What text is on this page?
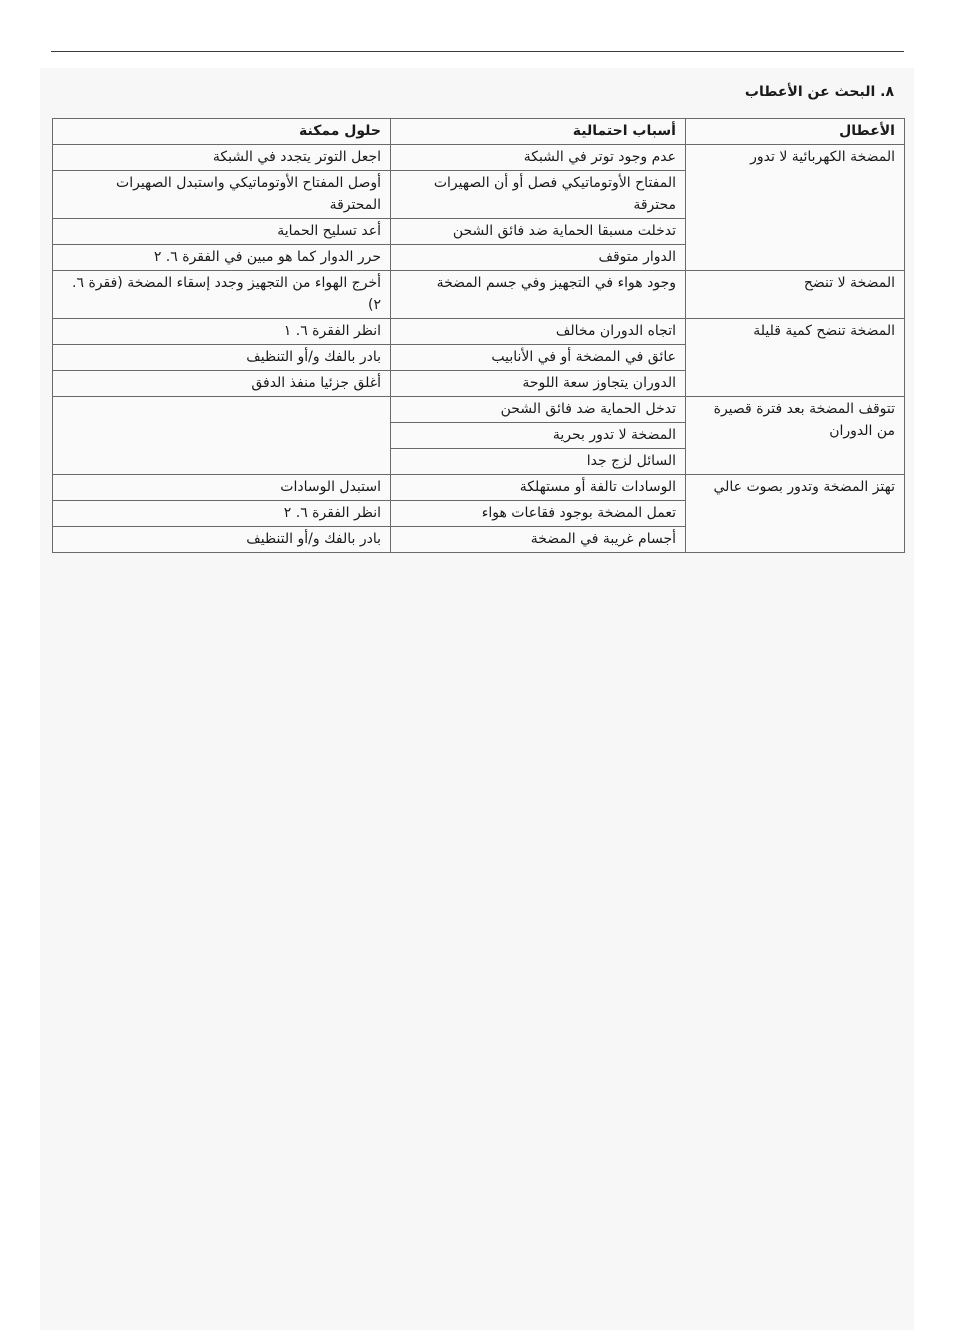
٨. البحث عن الأعطاب
الأعطال	أسباب احتمالية	حلول ممكنة
المضخة الكهربائية لا تدور	عدم وجود توتر في الشبكة	اجعل التوتر يتجدد في الشبكة
	المفتاح الأوتوماتيكي فصل أو أن الصهيرات محترقة	أوصل المفتاح الأوتوماتيكي واستبدل الصهيرات المحترقة
	تدخلت مسبقا الحماية ضد فائق الشحن	أعد تسليح الحماية
	الدوار متوقف	حرر الدوار كما هو مبين في الفقرة ٦. ٢
المضخة لا تنضح	وجود هواء في التجهيز وفي جسم المضخة	أخرج الهواء من التجهيز وجدد إسقاء المضخة (فقرة ٦. ٢)
المضخة تنضح كمية قليلة	اتجاه الدوران مخالف	انظر الفقرة ٦. ١
	عائق في المضخة أو في الأنابيب	بادر بالفك و/أو التنظيف
	الدوران يتجاوز سعة اللوحة	أغلق جزئيا منفذ الدفق
تتوقف المضخة بعد فترة قصيرة من الدوران	تدخل الحماية ضد فائق الشحن	
	المضخة لا تدور بحرية	
	السائل لزج جدا	
تهتز المضخة وتدور بصوت عالي	الوسادات تالفة أو مستهلكة	استبدل الوسادات
	تعمل المضخة بوجود فقاعات هواء	انظر الفقرة ٦. ٢
	أجسام غريبة في المضخة	بادر بالفك و/أو التنظيف
